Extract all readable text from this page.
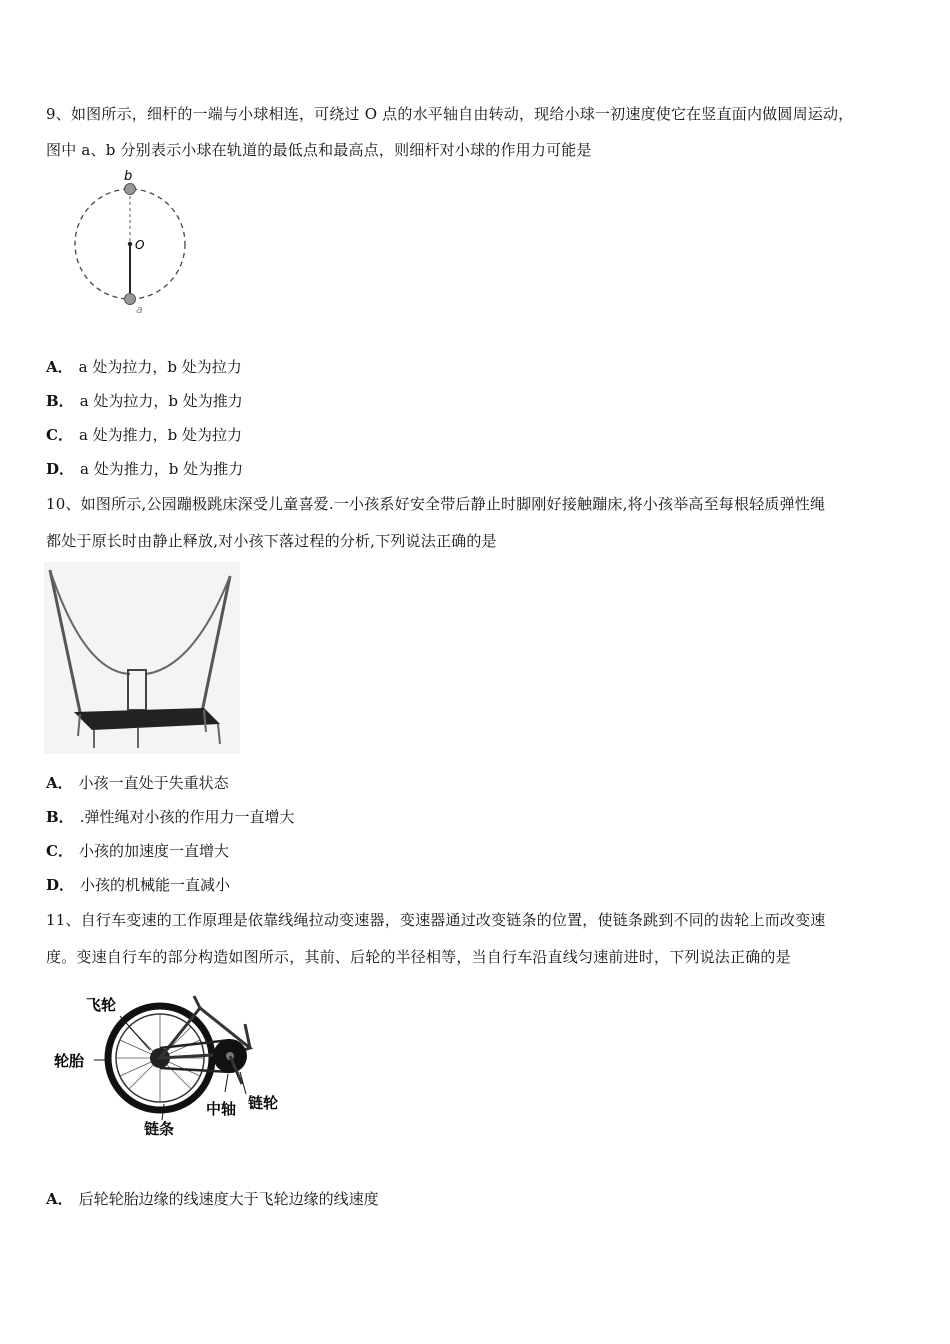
9、如图所示，细杆的一端与小球相连，可绕过 O 点的水平轴自由转动，现给小球一初速度使它在竖直面内做圆周运动，
图中 a、b 分别表示小球在轨道的最低点和最高点，则细杆对小球的作用力可能是
b
O
a
A． a 处为拉力，b 处为拉力
B． a 处为拉力，b 处为推力
C． a 处为推力，b 处为拉力
D． a 处为推力，b 处为推力
10、如图所示,公园蹦极跳床深受儿童喜爱.一小孩系好安全带后静止时脚刚好接触蹦床,将小孩举高至每根轻质弹性绳
都处于原长时由静止释放,对小孩下落过程的分析,下列说法正确的是
A． 小孩一直处于失重状态
B． .弹性绳对小孩的作用力一直增大
C． 小孩的加速度一直增大
D． 小孩的机械能一直减小
11、自行车变速的工作原理是依靠线绳拉动变速器，变速器通过改变链条的位置，使链条跳到不同的齿轮上而改变速
度。变速自行车的部分构造如图所示，其前、后轮的半径相等，当自行车沿直线匀速前进时，下列说法正确的是
飞轮
轮胎
中轴 链轮
链条
A． 后轮轮胎边缘的线速度大于飞轮边缘的线速度
